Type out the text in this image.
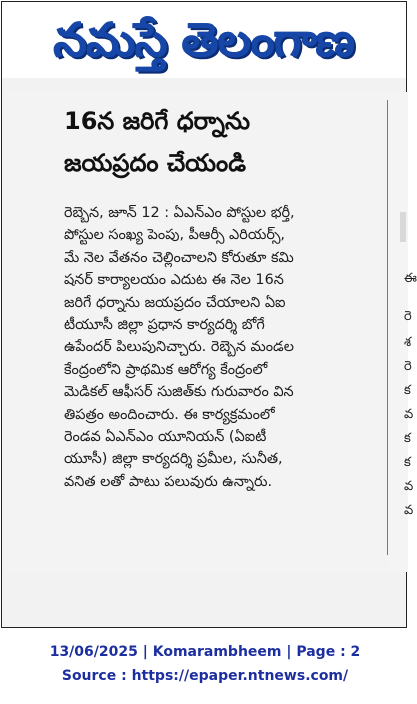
నమస్తే తెలంగాణ
16న జరిగే ధర్నాను
జయప్రదం చేయండి
రెబ్బెన, జూన్ 12 : ఏఎన్ఎం పోస్టుల భర్తీ,
పోస్టుల సంఖ్య పెంపు, పీఆర్సీ ఎరియర్స్,
మే నెల వేతనం చెల్లించాలని కోరుతూ కమి
షనర్ కార్యాలయం ఎదుట ఈ నెల 16న
జరిగే ధర్నాను జయప్రదం చేయాలని ఏఐ
టీయూసీ జిల్లా ప్రధాన కార్యదర్శి బోగే
ఉపేందర్ పిలుపునిచ్చారు. రెబ్బెన మండల
కేంద్రంలోని ప్రాథమిక ఆరోగ్య కేంద్రంలో
మెడికల్ ఆఫీసర్ సుజిత్‌కు గురువారం విన
తిపత్రం అందించారు. ఈ కార్యక్రమంలో
రెండవ ఏఎన్ఎం యూనియన్ (ఏఐటీ
యూసీ) జిల్లా కార్యదర్శి ప్రమీల, సునీత,
వనిత లతో పాటు పలువురు ఉన్నారు.
ఈ
రె
శ
రె
క
వ
క
క
వ
వ
13/06/2025 | Komarambheem | Page : 2
Source : https://epaper.ntnews.com/
